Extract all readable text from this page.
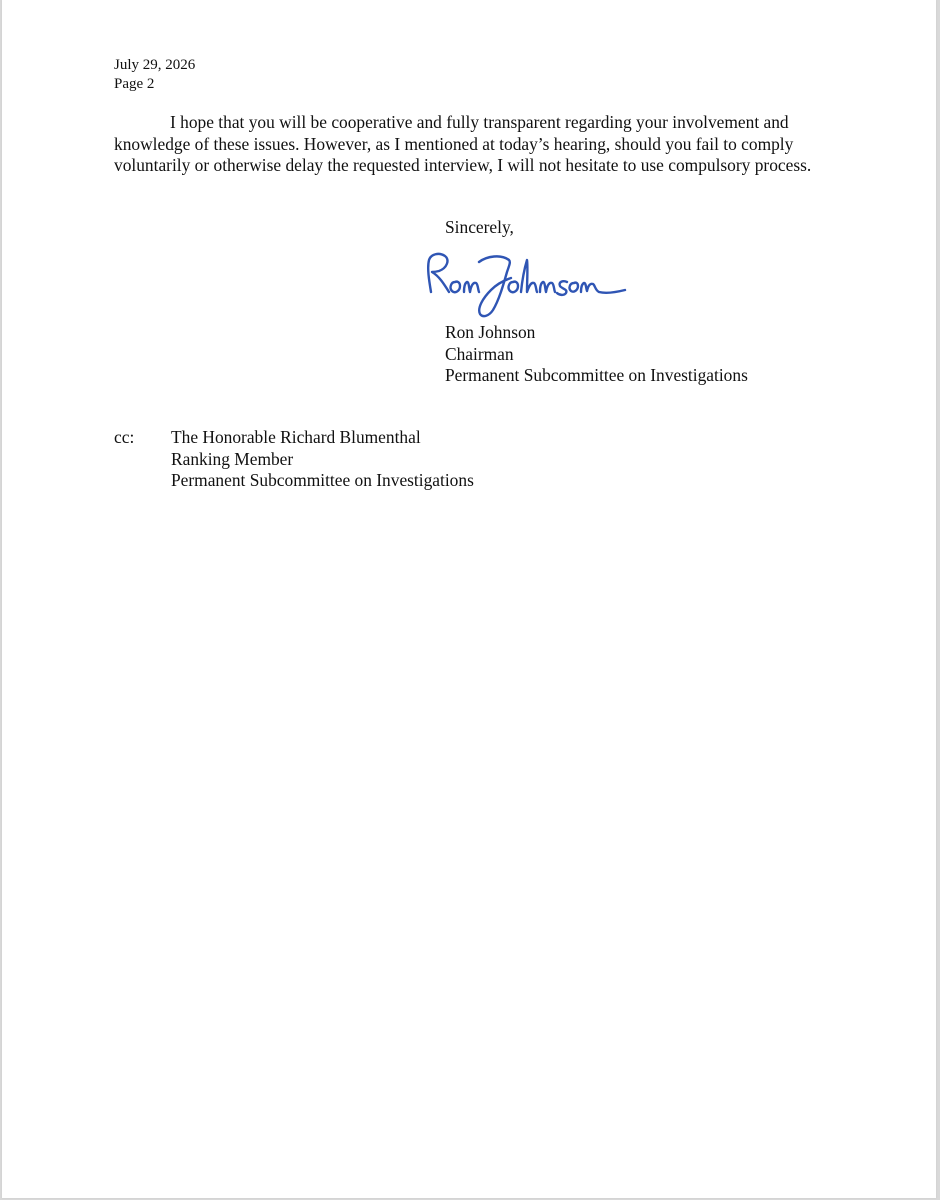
July 29, 2026
Page 2

I hope that you will be cooperative and fully transparent regarding your involvement and knowledge of these issues. However, as I mentioned at today’s hearing, should you fail to comply voluntarily or otherwise delay the requested interview, I will not hesitate to use compulsory process.

Sincerely,
Ron Johnson
Chairman
Permanent Subcommittee on Investigations
cc: The Honorable Richard Blumenthal
Ranking Member
Permanent Subcommittee on Investigations
